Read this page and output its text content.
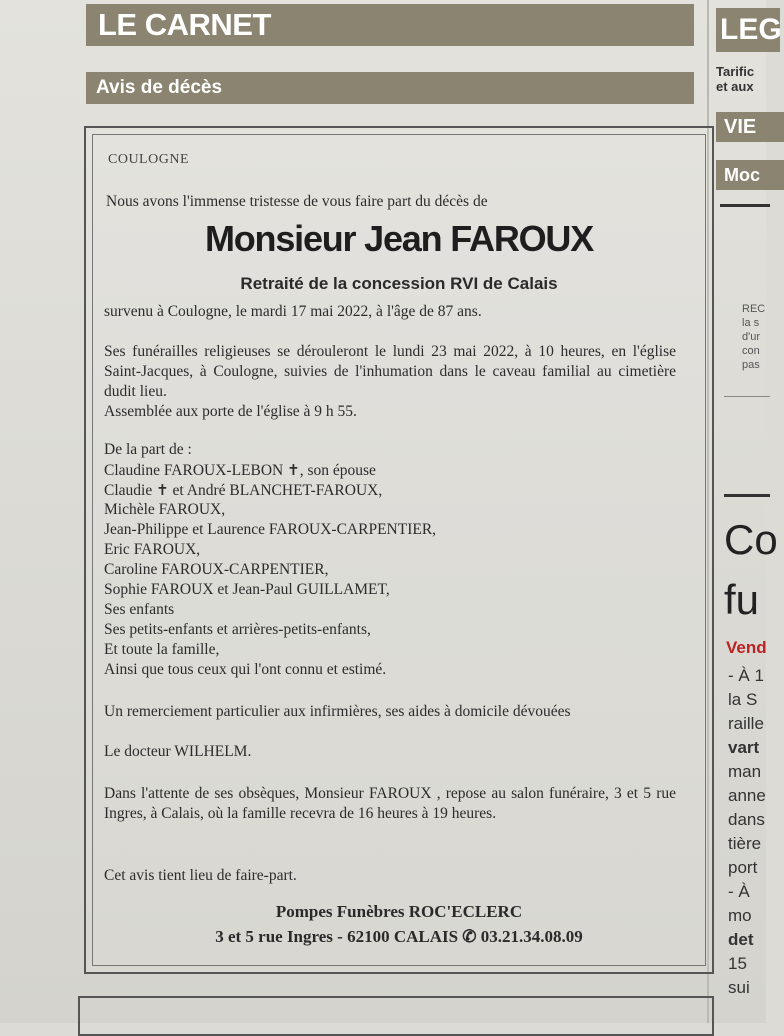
LE CARNET
Avis de décès
LEG
Tarific
et aux
VIE
Moc
REC
la s
d'ur
con
pas
Co
fu
Vend
- À 1
la S
raille
vart
man
anne
dans
tière
port
- À
mo
det
15
sui
COULOGNE
Nous avons l'immense tristesse de vous faire part du décès de
Monsieur Jean FAROUX
Retraité de la concession RVI de Calais
survenu à Coulogne, le mardi 17 mai 2022, à l'âge de 87 ans.
Ses funérailles religieuses se dérouleront le lundi 23 mai 2022, à 10 heures, en l'église Saint-Jacques, à Coulogne, suivies de l'inhumation dans le caveau familial au cimetière dudit lieu.
Assemblée aux porte de l'église à 9 h 55.
De la part de :
Claudine FAROUX-LEBON ✝, son épouse
Claudie ✝ et André BLANCHET-FAROUX,
Michèle FAROUX,
Jean-Philippe et Laurence FAROUX-CARPENTIER,
Eric FAROUX,
Caroline FAROUX-CARPENTIER,
Sophie FAROUX et Jean-Paul GUILLAMET,
Ses enfants
Ses petits-enfants et arrières-petits-enfants,
Et toute la famille,
Ainsi que tous ceux qui l'ont connu et estimé.
Un remerciement particulier aux infirmières, ses aides à domicile dévouées
Le docteur WILHELM.
Dans l'attente de ses obsèques, Monsieur FAROUX , repose au salon funéraire, 3 et 5 rue Ingres, à Calais, où la famille recevra de 16 heures à 19 heures.
Cet avis tient lieu de faire-part.
Pompes Funèbres ROC'ECLERC
3 et 5 rue Ingres - 62100 CALAIS ✆ 03.21.34.08.09
